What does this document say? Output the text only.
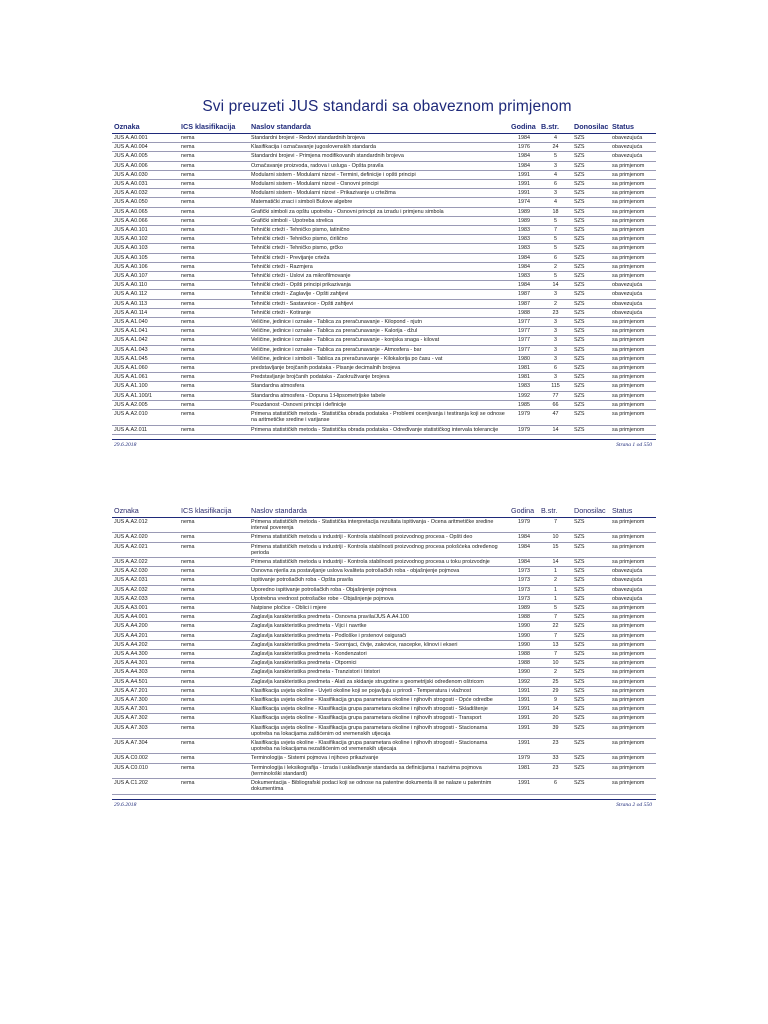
Svi preuzeti JUS standardi sa obaveznom primjenom
Oznaka	ICS klasifikacija	Naslov standarda	Godina	B.str.	Donosilac	Status
JUS A.A0.001	nema	Standardni brojevi - Redovi standardnih brojeva	1984	4	SZS	obavezujuća
JUS A.A0.004	nema	Klasifikacija i označavanje jugoslovenskih standarda	1976	24	SZS	obavezujuća
JUS A.A0.005	nema	Standardni brojevi - Primjena modifikovanih standardnih brojeva	1984	5	SZS	obavezujuća
JUS A.A0.006	nema	Označavanje proizvoda, radova i usluga - Opšta pravila	1984	3	SZS	sa primjenom
JUS A.A0.030	nema	Modularni sistem - Modularni nizovi - Termini, definicije i opšti principi	1991	4	SZS	sa primjenom
JUS A.A0.031	nema	Modularni sistem - Modularni nizovi - Osnovni principi	1991	6	SZS	sa primjenom
JUS A.A0.032	nema	Modularni sistem - Modularni nizovi - Prikazivanje u crtežima	1991	3	SZS	sa primjenom
JUS A.A0.050	nema	Matematički znaci i simboli Bulove algebre	1974	4	SZS	sa primjenom
JUS A.A0.065	nema	Grafički simboli za opštu upotrebu - Osnovni principi za izradu i primjenu simbola	1989	18	SZS	sa primjenom
JUS A.A0.066	nema	Grafički simboli - Upotreba strelica	1989	5	SZS	sa primjenom
JUS A.A0.101	nema	Tehnički crteži - Tehničko pismo, latinično	1983	7	SZS	sa primjenom
JUS A.A0.102	nema	Tehnički crteži - Tehničko pismo, ćirilično	1983	5	SZS	sa primjenom
JUS A.A0.103	nema	Tehnički crteži - Tehničko pismo, grčko	1983	5	SZS	sa primjenom
JUS A.A0.105	nema	Tehnički crteži - Previjanje crteža	1984	6	SZS	sa primjenom
JUS A.A0.106	nema	Tehnički crteži - Razmjera	1984	2	SZS	sa primjenom
JUS A.A0.107	nema	Tehnički crteži - Uslovi za mikrofilmovanje	1983	5	SZS	sa primjenom
JUS A.A0.110	nema	Tehnički crteži - Opšti principi prikazivanja	1984	14	SZS	obavezujuća
JUS A.A0.112	nema	Tehnički crteži - Zaglavlje - Opšti zahtjevi	1987	3	SZS	obavezujuća
JUS A.A0.113	nema	Tehnički crteži - Sastavnice - Opšti zahtjevi	1987	2	SZS	obavezujuća
JUS A.A0.114	nema	Tehnički crteži - Kotiranje	1988	23	SZS	obavezujuća
JUS A.A1.040	nema	Veličine, jedinice i oznake - Tablica za preračunavanje - Kilopond - njutn	1977	3	SZS	sa primjenom
JUS A.A1.041	nema	Veličine, jedinice i oznake - Tablica za preračunavanje - Kalorija - džul	1977	3	SZS	sa primjenom
JUS A.A1.042	nema	Veličine, jedinice i oznake - Tablica za preračunavanje - konjska snaga - kilovat	1977	3	SZS	sa primjenom
JUS A.A1.043	nema	Veličine, jedinice i oznake - Tablica za preračunavanje - Atmosfera - bar	1977	3	SZS	sa primjenom
JUS A.A1.045	nema	Veličine, jedinice i simboli - Tablica za preračunavanje - Kilokalorija po času - vat	1980	3	SZS	sa primjenom
JUS A.A1.060	nema	predstavljanje brojčanih podataka - Pisanje decimalnih brojeva	1981	6	SZS	sa primjenom
JUS A.A1.061	nema	Predstavljanje brojčanih podataka - Zaokruživanje brojeva	1981	3	SZS	sa primjenom
JUS A.A1.100	nema	Standardna atmosfera	1983	115	SZS	sa primjenom
JUS A.A1.100/1	nema	Standardna atmosfera - Dopuna 1:Hipsometrijske tabele	1992	77	SZS	sa primjenom
JUS A.A2.005	nema	Pouzdanost -Osnovni principi i definicije	1985	66	SZS	sa primjenom
JUS A.A2.010	nema	Primena statističkih metoda - Statistička obrada podataka - Problemi ocenjivanja i testiranja koji se odnose na aritmetičke sredine i varijanse	1979	47	SZS	sa primjenom
JUS A.A2.011	nema	Primena statističkih metoda - Statistička obrada podataka - Određivanje statističkog intervala tolerancije	1979	14	SZS	sa primjenom
29.6.2018	Strana 1 od 550
Oznaka	ICS klasifikacija	Naslov standarda	Godina	B.str.	Donosilac	Status
JUS A.A2.012	nema	Primena statističkih metoda - Statistička interpretacija rezultata ispitivanja - Ocena aritmetičke sredine interval poverenja	1979	7	SZS	sa primjenom
JUS A.A2.020	nema	Primena statističkih metoda u industriji - Kontrola stabilnosti proizvodnog procesa - Opšti deo	1984	10	SZS	sa primjenom
JUS A.A2.021	nema	Primena statističkih metoda u industriji - Kontrola stabilnosti proizvodnog procesa pološćeka određenog perioda	1984	15	SZS	sa primjenom
JUS A.A2.022	nema	Primena statističkih metoda u industriji - Kontrola stabilnosti proizvodnog procesa u toku proizvodnje	1984	14	SZS	sa primjenom
JUS A.A2.030	nema	Osnovna njerila za postavljanje uslova kvaliteta potrošačkih roba - objašnjenje pojmova	1973	1	SZS	obavezujuća
JUS A.A2.031	nema	Ispitivanje potrošačkih roba - Opšta pravila	1973	2	SZS	obavezujuća
JUS A.A2.032	nema	Uporedno ispitivanje potrošačkih roba - Objašnjenje pojmova	1973	1	SZS	obavezujuća
JUS A.A2.033	nema	Upotrebna vrednost potrošačke robe - Objašnjenje pojmova	1973	1	SZS	obavezujuća
JUS A.A3.001	nema	Natpisne pločice - Oblici i mjere	1989	5	SZS	sa primjenom
JUS A.A4.001	nema	Zaglavlja karakteristika predmeta - Osnovna pravila/JUS A.A4.100	1988	7	SZS	sa primjenom
JUS A.A4.200	nema	Zaglavlja karakteristika predmeta - Vijci i navrtke	1990	22	SZS	sa primjenom
JUS A.A4.201	nema	Zaglavlja karakteristika predmeta - Podloške i prstenovi osigurači	1990	7	SZS	sa primjenom
JUS A.A4.202	nema	Zaglavlja karakteristika predmeta - Svornjaci, čivije, zakovice, rascepke, klinovi i ekseri	1990	13	SZS	sa primjenom
JUS A.A4.300	nema	Zaglavlja karakteristika predmeta - Kondenzatori	1988	7	SZS	sa primjenom
JUS A.A4.301	nema	Zaglavlja karakteristika predmeta - Otpornici	1988	10	SZS	sa primjenom
JUS A.A4.303	nema	Zaglavlja karakteristika predmeta - Tranzistori i tiristori	1990	2	SZS	sa primjenom
JUS A.A4.501	nema	Zaglavlja karakteristika predmeta - Alati za skidanje strugotine s geometrijski određenom oštricom	1992	25	SZS	sa primjenom
JUS A.A7.201	nema	Klasifikacija uvjeta okoline - Uvjeti okoline koji se pojavljuju u prirodi - Temperatura i vlažnost	1991	29	SZS	sa primjenom
JUS A.A7.300	nema	Klasifikacija uvjeta okoline - Klasifikacija grupa parametara okoline i njihovih strogosti - Opće odredbe	1991	9	SZS	sa primjenom
JUS A.A7.301	nema	Klasifikacija uvjeta okoline - Klasifikacija grupa parametara okoline i njihovih strogosti - Skladištenje	1991	14	SZS	sa primjenom
JUS A.A7.302	nema	Klasifikacija uvjeta okoline - Klasifikacija grupa parametara okoline i njihovih strogosti - Transport	1991	20	SZS	sa primjenom
JUS A.A7.303	nema	Klasifikacija uvjeta okoline - Klasifikacija grupa parametara okoline i njihovih strogosti - Stacionarna upotreba na lokacijama zaštićenim od vremenskih utjecaja	1991	39	SZS	sa primjenom
JUS A.A7.304	nema	Klasifikacija uvjeta okoline - Klasifikacija grupa parametara okoline i njihovih strogosti - Stacionarna upotreba na lokacijama nezaštićenim od vremenskih utjecaja	1991	23	SZS	sa primjenom
JUS A.C0.002	nema	Terminologija - Sistemi pojmova i njihovo prikazivanje	1979	33	SZS	sa primjenom
JUS A.C0.010	nema	Terminologija i leksikografija - Izrada i usklađivanje standarda sa definicijama i nazivima pojmova (terminološki standardi)	1981	23	SZS	sa primjenom
JUS A.C1.202	nema	Dokumentacija - Bibliografski podaci koji se odnose na patentne dokumenta ili se nalaze u patentnim dokumentima	1991	6	SZS	sa primjenom
29.6.2018	Strana 2 od 550
